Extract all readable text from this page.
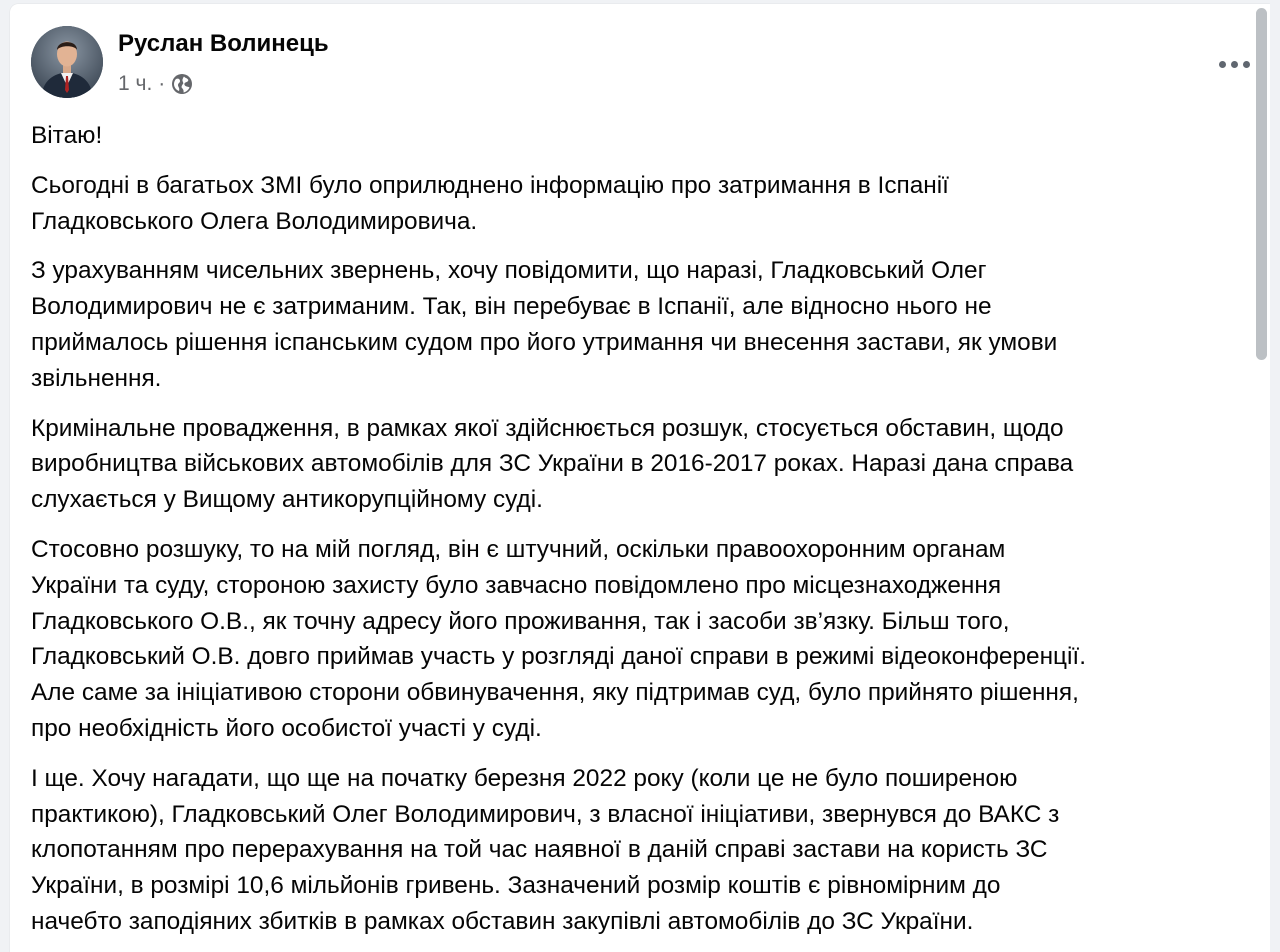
Руслан Волинець
1 ч. ·

Вітаю!

Сьогодні в багатьох ЗМІ було оприлюднено інформацію про затримання в Іспанії
Гладковського Олега Володимировича.

З урахуванням чисельних звернень, хочу повідомити, що наразі, Гладковський Олег
Володимирович не є затриманим. Так, він перебуває в Іспанії, але відносно нього не
приймалось рішення іспанським судом про його утримання чи внесення застави, як умови
звільнення.

Кримінальне провадження, в рамках якої здійснюється розшук, стосується обставин, щодо
виробництва військових автомобілів для ЗС України в 2016-2017 роках. Наразі дана справа
слухається у Вищому антикорупційному суді.

Стосовно розшуку, то на мій погляд, він є штучний, оскільки правоохоронним органам
України та суду, стороною захисту було завчасно повідомлено про місцезнаходження
Гладковського О.В., як точну адресу його проживання, так і засоби зв’язку. Більш того,
Гладковський О.В. довго приймав участь у розгляді даної справи в режимі відеоконференції.
Але саме за ініціативою сторони обвинувачення, яку підтримав суд, було прийнято рішення,
про необхідність його особистої участі у суді.

І ще. Хочу нагадати, що ще на початку березня 2022 року (коли це не було поширеною
практикою), Гладковський Олег Володимирович, з власної ініціативи, звернувся до ВАКС з
клопотанням про перерахування на той час наявної в даній справі застави на користь ЗС
України, в розмірі 10,6 мільйонів гривень. Зазначений розмір коштів є рівномірним до
начебто заподіяних збитків в рамках обставин закупівлі автомобілів до ЗС України.
